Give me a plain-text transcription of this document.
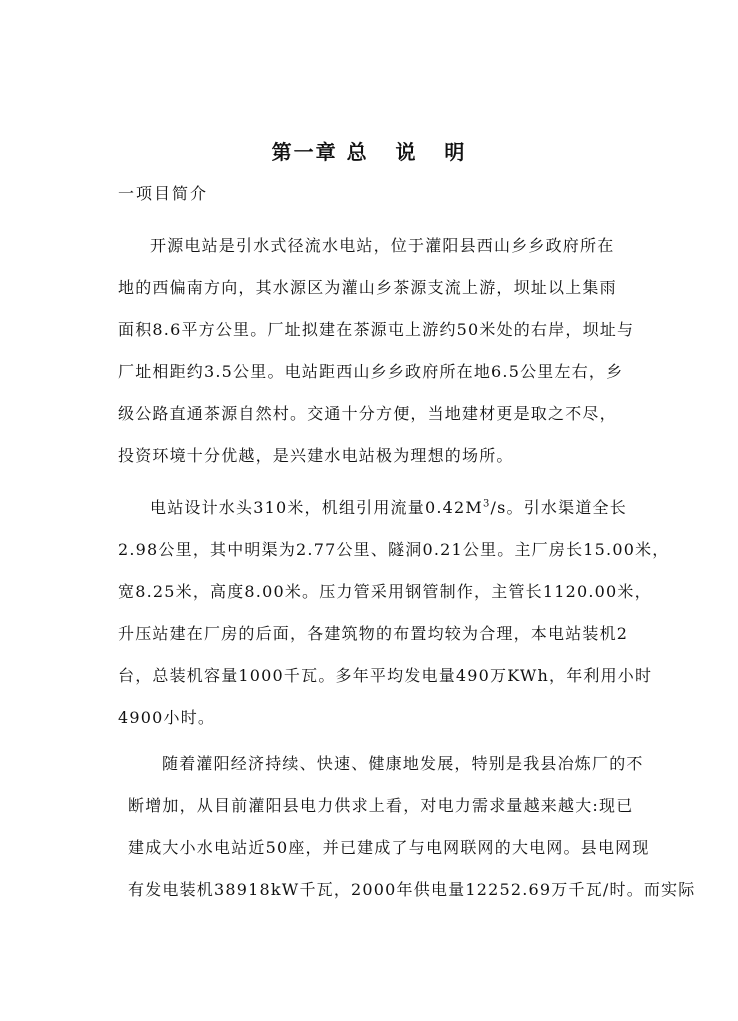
第一章 总   说   明
一项目简介
开源电站是引水式径流水电站，位于灌阳县西山乡乡政府所在
地的西偏南方向，其水源区为灌山乡茶源支流上游，坝址以上集雨
面积8.6平方公里。厂址拟建在茶源屯上游约50米处的右岸，坝址与
厂址相距约3.5公里。电站距西山乡乡政府所在地6.5公里左右，乡
级公路直通茶源自然村。交通十分方便，当地建材更是取之不尽，
投资环境十分优越，是兴建水电站极为理想的场所。
电站设计水头310米，机组引用流量$0.42M^3/s$。引水渠道全长
2.98公里，其中明渠为2.77公里、隧洞0.21公里。主厂房长15.00米，
宽8.25米，高度8.00米。压力管采用钢管制作，主管长1120.00米，
升压站建在厂房的后面，各建筑物的布置均较为合理，本电站装机2
台，总装机容量1000千瓦。多年平均发电量490万KWh，年利用小时
4900小时。
随着灌阳经济持续、快速、健康地发展，特别是我县冶炼厂的不
断增加，从目前灌阳县电力供求上看，对电力需求量越来越大:现已
建成大小水电站近50座，并已建成了与电网联网的大电网。县电网现
有发电装机38918kW千瓦，2000年供电量12252.69万千瓦/时。而实际
